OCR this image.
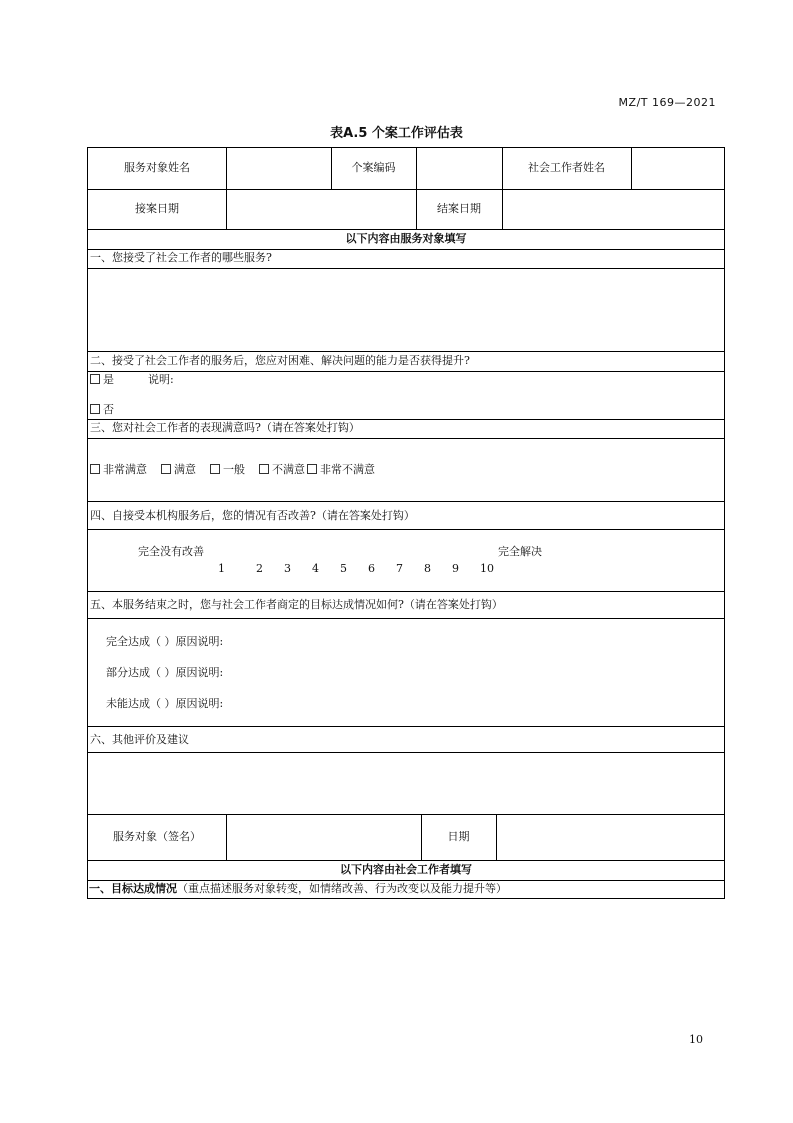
MZ/T 169—2021
表A.5 个案工作评估表
服务对象姓名	个案编码	社会工作者姓名
接案日期	结案日期
以下内容由服务对象填写
一、您接受了社会工作者的哪些服务?
二、接受了社会工作者的服务后，您应对困难、解决问题的能力是否获得提升?
是	说明:
否
三、您对社会工作者的表现满意吗?（请在答案处打钩）
非常满意 满意 一般 不满意 非常不满意
四、自接受本机构服务后，您的情况有否改善?（请在答案处打钩）
完全没有改善	完全解决
1	2 3 4 5 6 7 8 9 10
五、本服务结束之时，您与社会工作者商定的目标达成情况如何?（请在答案处打钩）
完全达成（ ）原因说明:
部分达成（ ）原因说明:
未能达成（ ）原因说明:
六、其他评价及建议
服务对象（签名）	日期
以下内容由社会工作者填写
一、目标达成情况（重点描述服务对象转变，如情绪改善、行为改变以及能力提升等）
10
